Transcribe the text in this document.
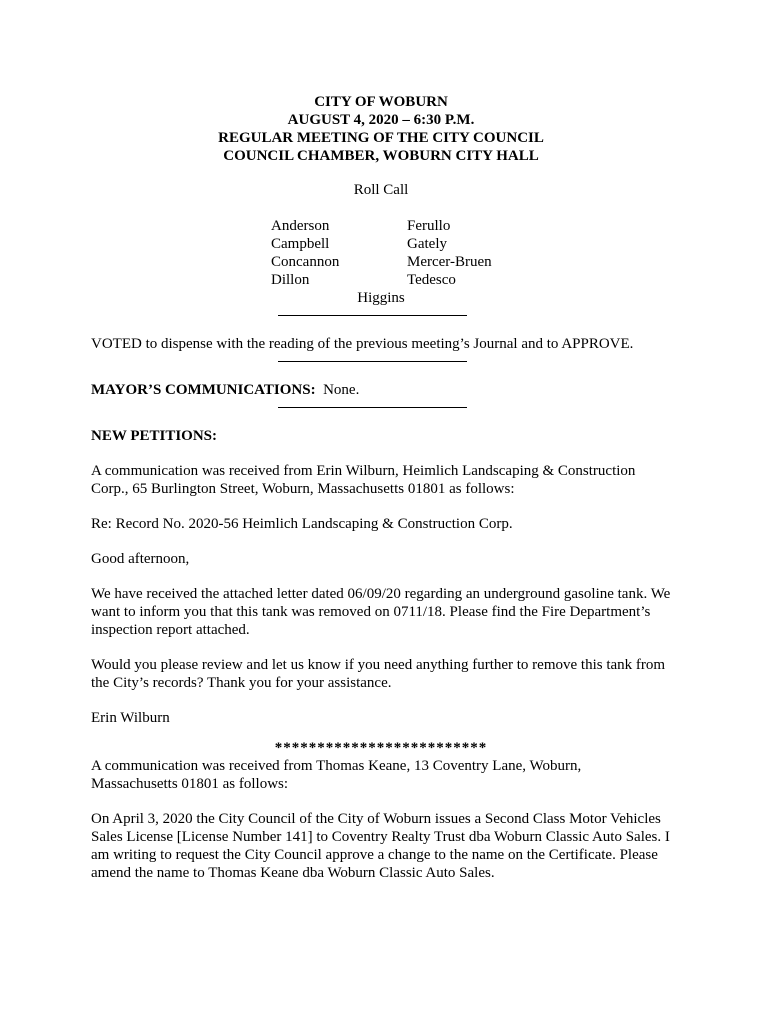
CITY OF WOBURN
AUGUST 4, 2020 – 6:30 P.M.
REGULAR MEETING OF THE CITY COUNCIL
COUNCIL CHAMBER, WOBURN CITY HALL
Roll Call
Anderson
Campbell
Concannon
Dillon
Ferullo
Gately
Mercer-Bruen
Tedesco
Higgins

VOTED to dispense with the reading of the previous meeting’s Journal and to APPROVE.

MAYOR’S COMMUNICATIONS: None.

NEW PETITIONS:

A communication was received from Erin Wilburn, Heimlich Landscaping & Construction Corp., 65 Burlington Street, Woburn, Massachusetts 01801 as follows:

Re: Record No. 2020-56 Heimlich Landscaping & Construction Corp.

Good afternoon,

We have received the attached letter dated 06/09/20 regarding an underground gasoline tank. We want to inform you that this tank was removed on 0711/18. Please find the Fire Department’s inspection report attached.

Would you please review and let us know if you need anything further to remove this tank from the City’s records? Thank you for your assistance.

Erin Wilburn

*************************

A communication was received from Thomas Keane, 13 Coventry Lane, Woburn, Massachusetts 01801 as follows:

On April 3, 2020 the City Council of the City of Woburn issues a Second Class Motor Vehicles Sales License [License Number 141] to Coventry Realty Trust dba Woburn Classic Auto Sales. I am writing to request the City Council approve a change to the name on the Certificate. Please amend the name to Thomas Keane dba Woburn Classic Auto Sales.
